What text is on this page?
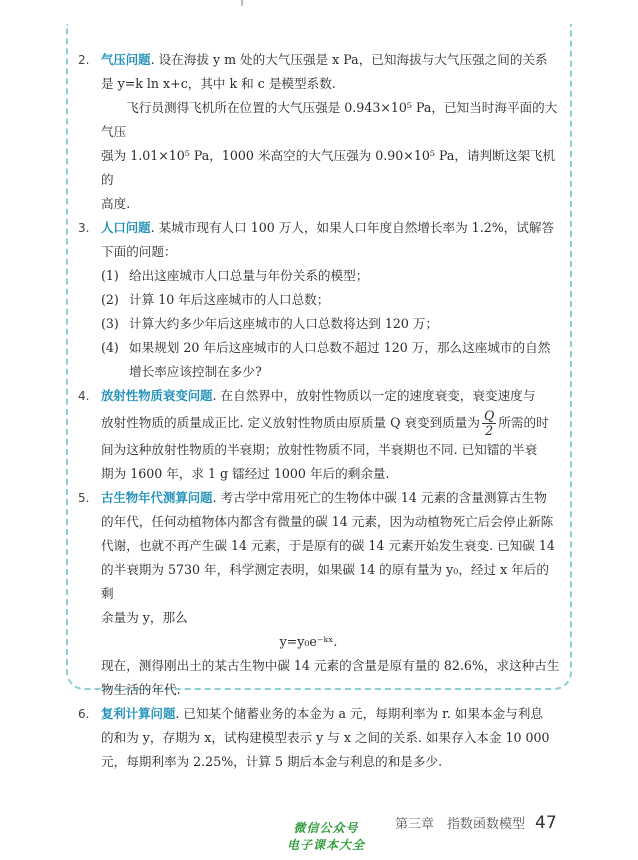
2. 气压问题. 设在海拔 y m 处的大气压强是 x Pa，已知海拔与大气压强之间的关系
是 y=k ln x+c，其中 k 和 c 是模型系数.
飞行员测得飞机所在位置的大气压强是 0.943×10⁵ Pa，已知当时海平面的大气压
强为 1.01×10⁵ Pa，1000 米高空的大气压强为 0.90×10⁵ Pa，请判断这架飞机的
高度.
3. 人口问题. 某城市现有人口 100 万人，如果人口年度自然增长率为 1.2%，试解答
下面的问题：
(1) 给出这座城市人口总量与年份关系的模型；
(2) 计算 10 年后这座城市的人口总数；
(3) 计算大约多少年后这座城市的人口总数将达到 120 万；
(4) 如果规划 20 年后这座城市的人口总数不超过 120 万，那么这座城市的自然增长率应该控制在多少?
4. 放射性物质衰变问题. 在自然界中，放射性物质以一定的速度衰变，衰变速度与
放射性物质的质量成正比. 定义放射性物质由原质量 Q 衰变到质量为 $\frac{Q}{2}$ 所需的时
间为这种放射性物质的半衰期；放射性物质不同，半衰期也不同. 已知镭的半衰
期为 1600 年，求 1 g 镭经过 1000 年后的剩余量.
5. 古生物年代测算问题. 考古学中常用死亡的生物体中碳 14 元素的含量测算古生物
的年代，任何动植物体内都含有微量的碳 14 元素，因为动植物死亡后会停止新陈
代谢，也就不再产生碳 14 元素，于是原有的碳 14 元素开始发生衰变. 已知碳 14
的半衰期为 5730 年，科学测定表明，如果碳 14 的原有量为 y₀，经过 x 年后的剩
余量为 y，那么
y=y₀e⁻ᵏˣ.
现在，测得刚出土的某古生物中碳 14 元素的含量是原有量的 82.6%，求这种古生
物生活的年代.
6. 复利计算问题. 已知某个储蓄业务的本金为 a 元，每期利率为 r. 如果本金与利息
的和为 y，存期为 x，试构建模型表示 y 与 x 之间的关系. 如果存入本金 10 000
元，每期利率为 2.25%，计算 5 期后本金与利息的和是多少.
第三章　指数函数模型 47
微信公众号
电子课本大全
